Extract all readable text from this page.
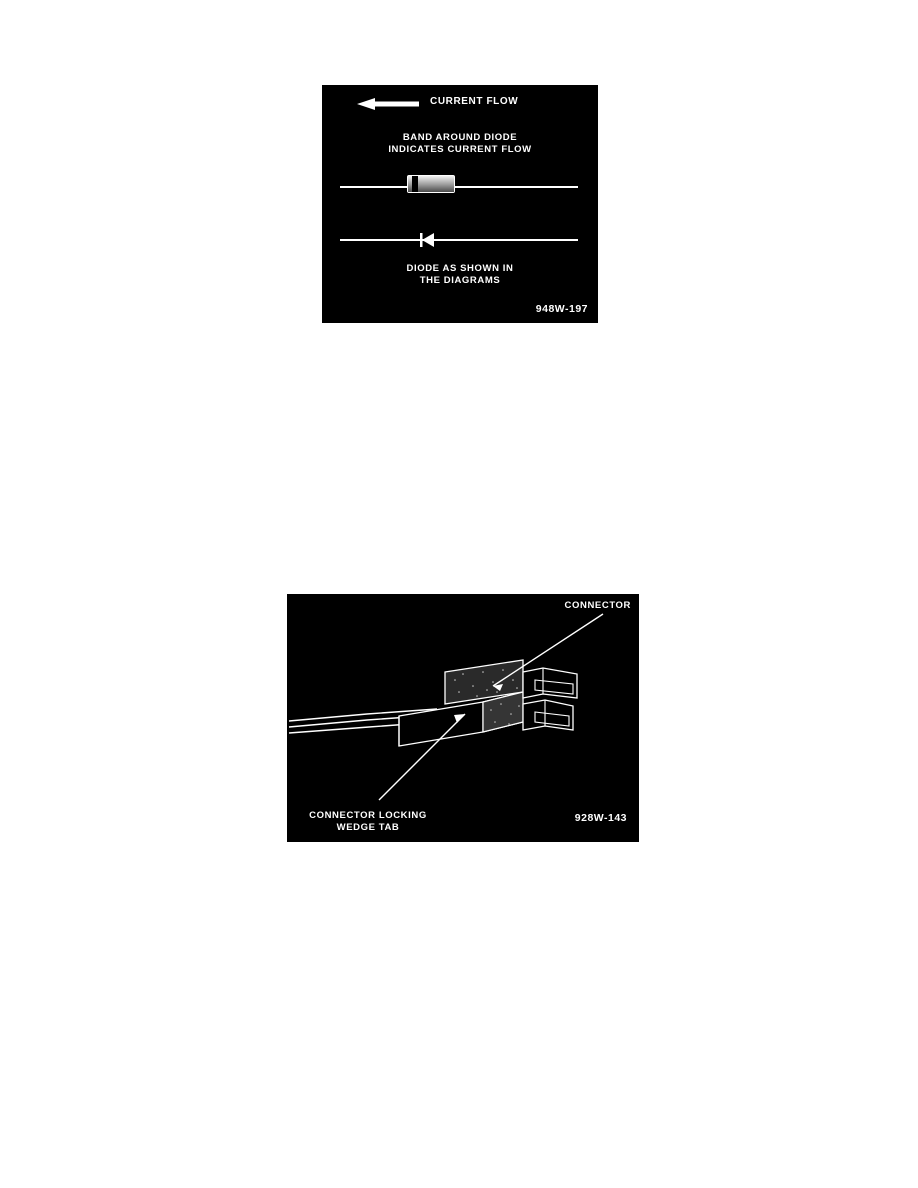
CURRENT FLOW
BAND AROUND DIODE
INDICATES CURRENT FLOW
DIODE AS SHOWN IN
THE DIAGRAMS
948W-197
CONNECTOR
CONNECTOR LOCKING
WEDGE TAB
928W-143
